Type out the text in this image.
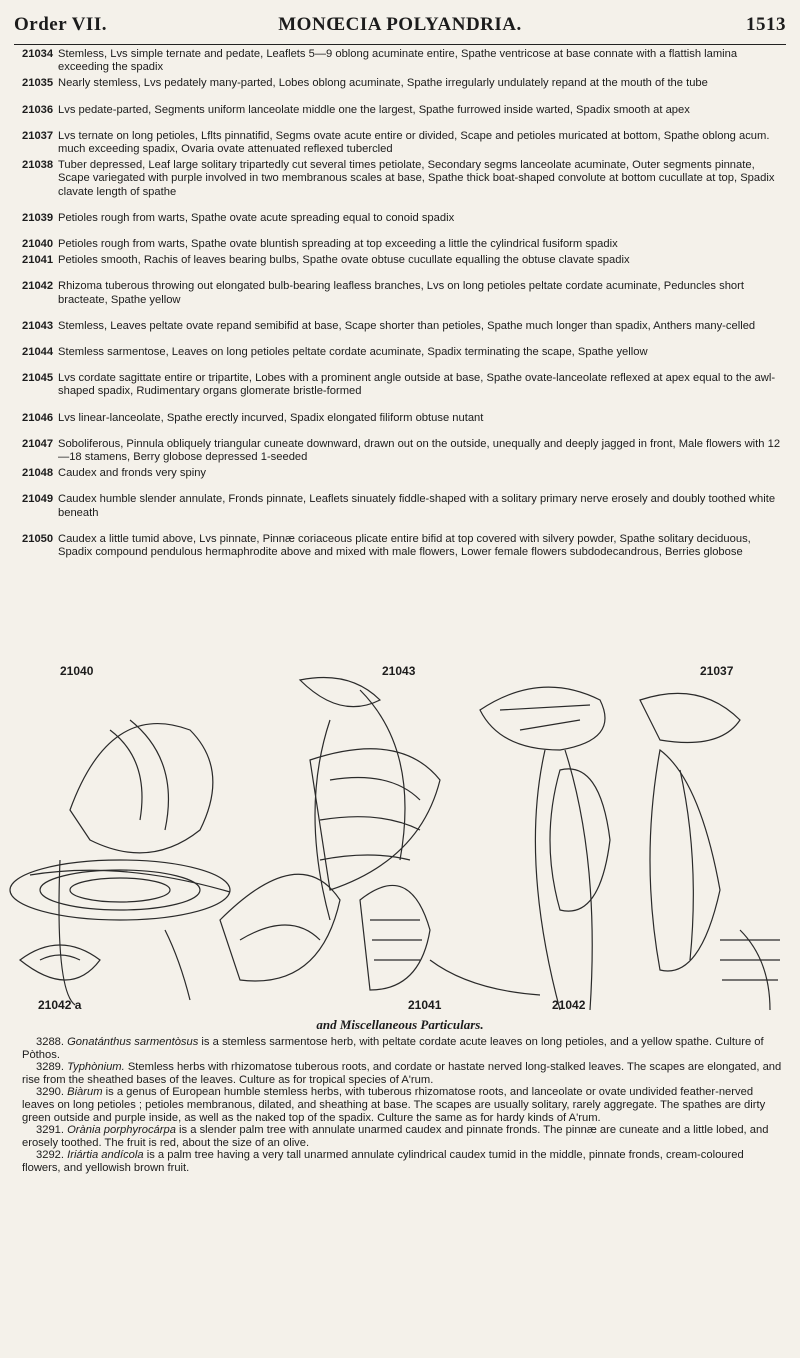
Order VII.	MONŒCIA POLYANDRIA.	1513
21034 Stemless, Lvs simple ternate and pedate, Leaflets 5—9 oblong acuminate entire, Spathe ventricose at base connate with a flattish lamina exceeding the spadix
21035 Nearly stemless, Lvs pedately many-parted, Lobes oblong acuminate, Spathe irregularly undulately repand at the mouth of the tube
21036 Lvs pedate-parted, Segments uniform lanceolate middle one the largest, Spathe furrowed inside warted, Spadix smooth at apex
21037 Lvs ternate on long petioles, Lflts pinnatifid, Segms ovate acute entire or divided, Scape and petioles muricated at bottom, Spathe oblong acum. much exceeding spadix, Ovaria ovate attenuated reflexed tubercled
21038 Tuber depressed, Leaf large solitary tripartedly cut several times petiolate, Secondary segms lanceolate acuminate, Outer segments pinnate, Scape variegated with purple involved in two membranous scales at base, Spathe thick boat-shaped convolute at bottom cucullate at top, Spadix clavate length of spathe
21039 Petioles rough from warts, Spathe ovate acute spreading equal to conoid spadix
21040 Petioles rough from warts, Spathe ovate bluntish spreading at top exceeding a little the cylindrical fusiform spadix
21041 Petioles smooth, Rachis of leaves bearing bulbs, Spathe ovate obtuse cucullate equalling the obtuse clavate spadix
21042 Rhizoma tuberous throwing out elongated bulb-bearing leafless branches, Lvs on long petioles peltate cordate acuminate, Peduncles short bracteate, Spathe yellow
21043 Stemless, Leaves peltate ovate repand semibifid at base, Scape shorter than petioles, Spathe much longer than spadix, Anthers many-celled
21044 Stemless sarmentose, Leaves on long petioles peltate cordate acuminate, Spadix terminating the scape, Spathe yellow
21045 Lvs cordate sagittate entire or tripartite, Lobes with a prominent angle outside at base, Spathe ovate-lanceolate reflexed at apex equal to the awl-shaped spadix, Rudimentary organs glomerate bristle-formed
21046 Lvs linear-lanceolate, Spathe erectly incurved, Spadix elongated filiform obtuse nutant
21047 Soboliferous, Pinnula obliquely triangular cuneate downward, drawn out on the outside, unequally and deeply jagged in front, Male flowers with 12—18 stamens, Berry globose depressed 1-seeded
21048 Caudex and fronds very spiny
21049 Caudex humble slender annulate, Fronds pinnate, Leaflets sinuately fiddle-shaped with a solitary primary nerve erosely and doubly toothed white beneath
21050 Caudex a little tumid above, Lvs pinnate, Pinnæ coriaceous plicate entire bifid at top covered with silvery powder, Spathe solitary deciduous, Spadix compound pendulous hermaphrodite above and mixed with male flowers, Lower female flowers subdodecandrous, Berries globose
21040	21043	21037
21042 a	21041	21042
and Miscellaneous Particulars.

3288. Gonatánthus sarmentòsus is a stemless sarmentose herb, with peltate cordate acute leaves on long petioles, and a yellow spathe. Culture of Pòthos.

3289. Typhònium. Stemless herbs with rhizomatose tuberous roots, and cordate or hastate nerved long-stalked leaves. The scapes are elongated, and rise from the sheathed bases of the leaves. Culture as for tropical species of A'rum.

3290. Biàrum is a genus of European humble stemless herbs, with tuberous rhizomatose roots, and lanceolate or ovate undivided feather-nerved leaves on long petioles ; petioles membranous, dilated, and sheathing at base. The scapes are usually solitary, rarely aggregate. The spathes are dirty green outside and purple inside, as well as the naked top of the spadix. Culture the same as for hardy kinds of A'rum.

3291. Orània porphyrocárpa is a slender palm tree with annulate unarmed caudex and pinnate fronds. The pinnæ are cuneate and a little lobed, and erosely toothed. The fruit is red, about the size of an olive.

3292. Iriártia andícola is a palm tree having a very tall unarmed annulate cylindrical caudex tumid in the middle, pinnate fronds, cream-coloured flowers, and yellowish brown fruit.
